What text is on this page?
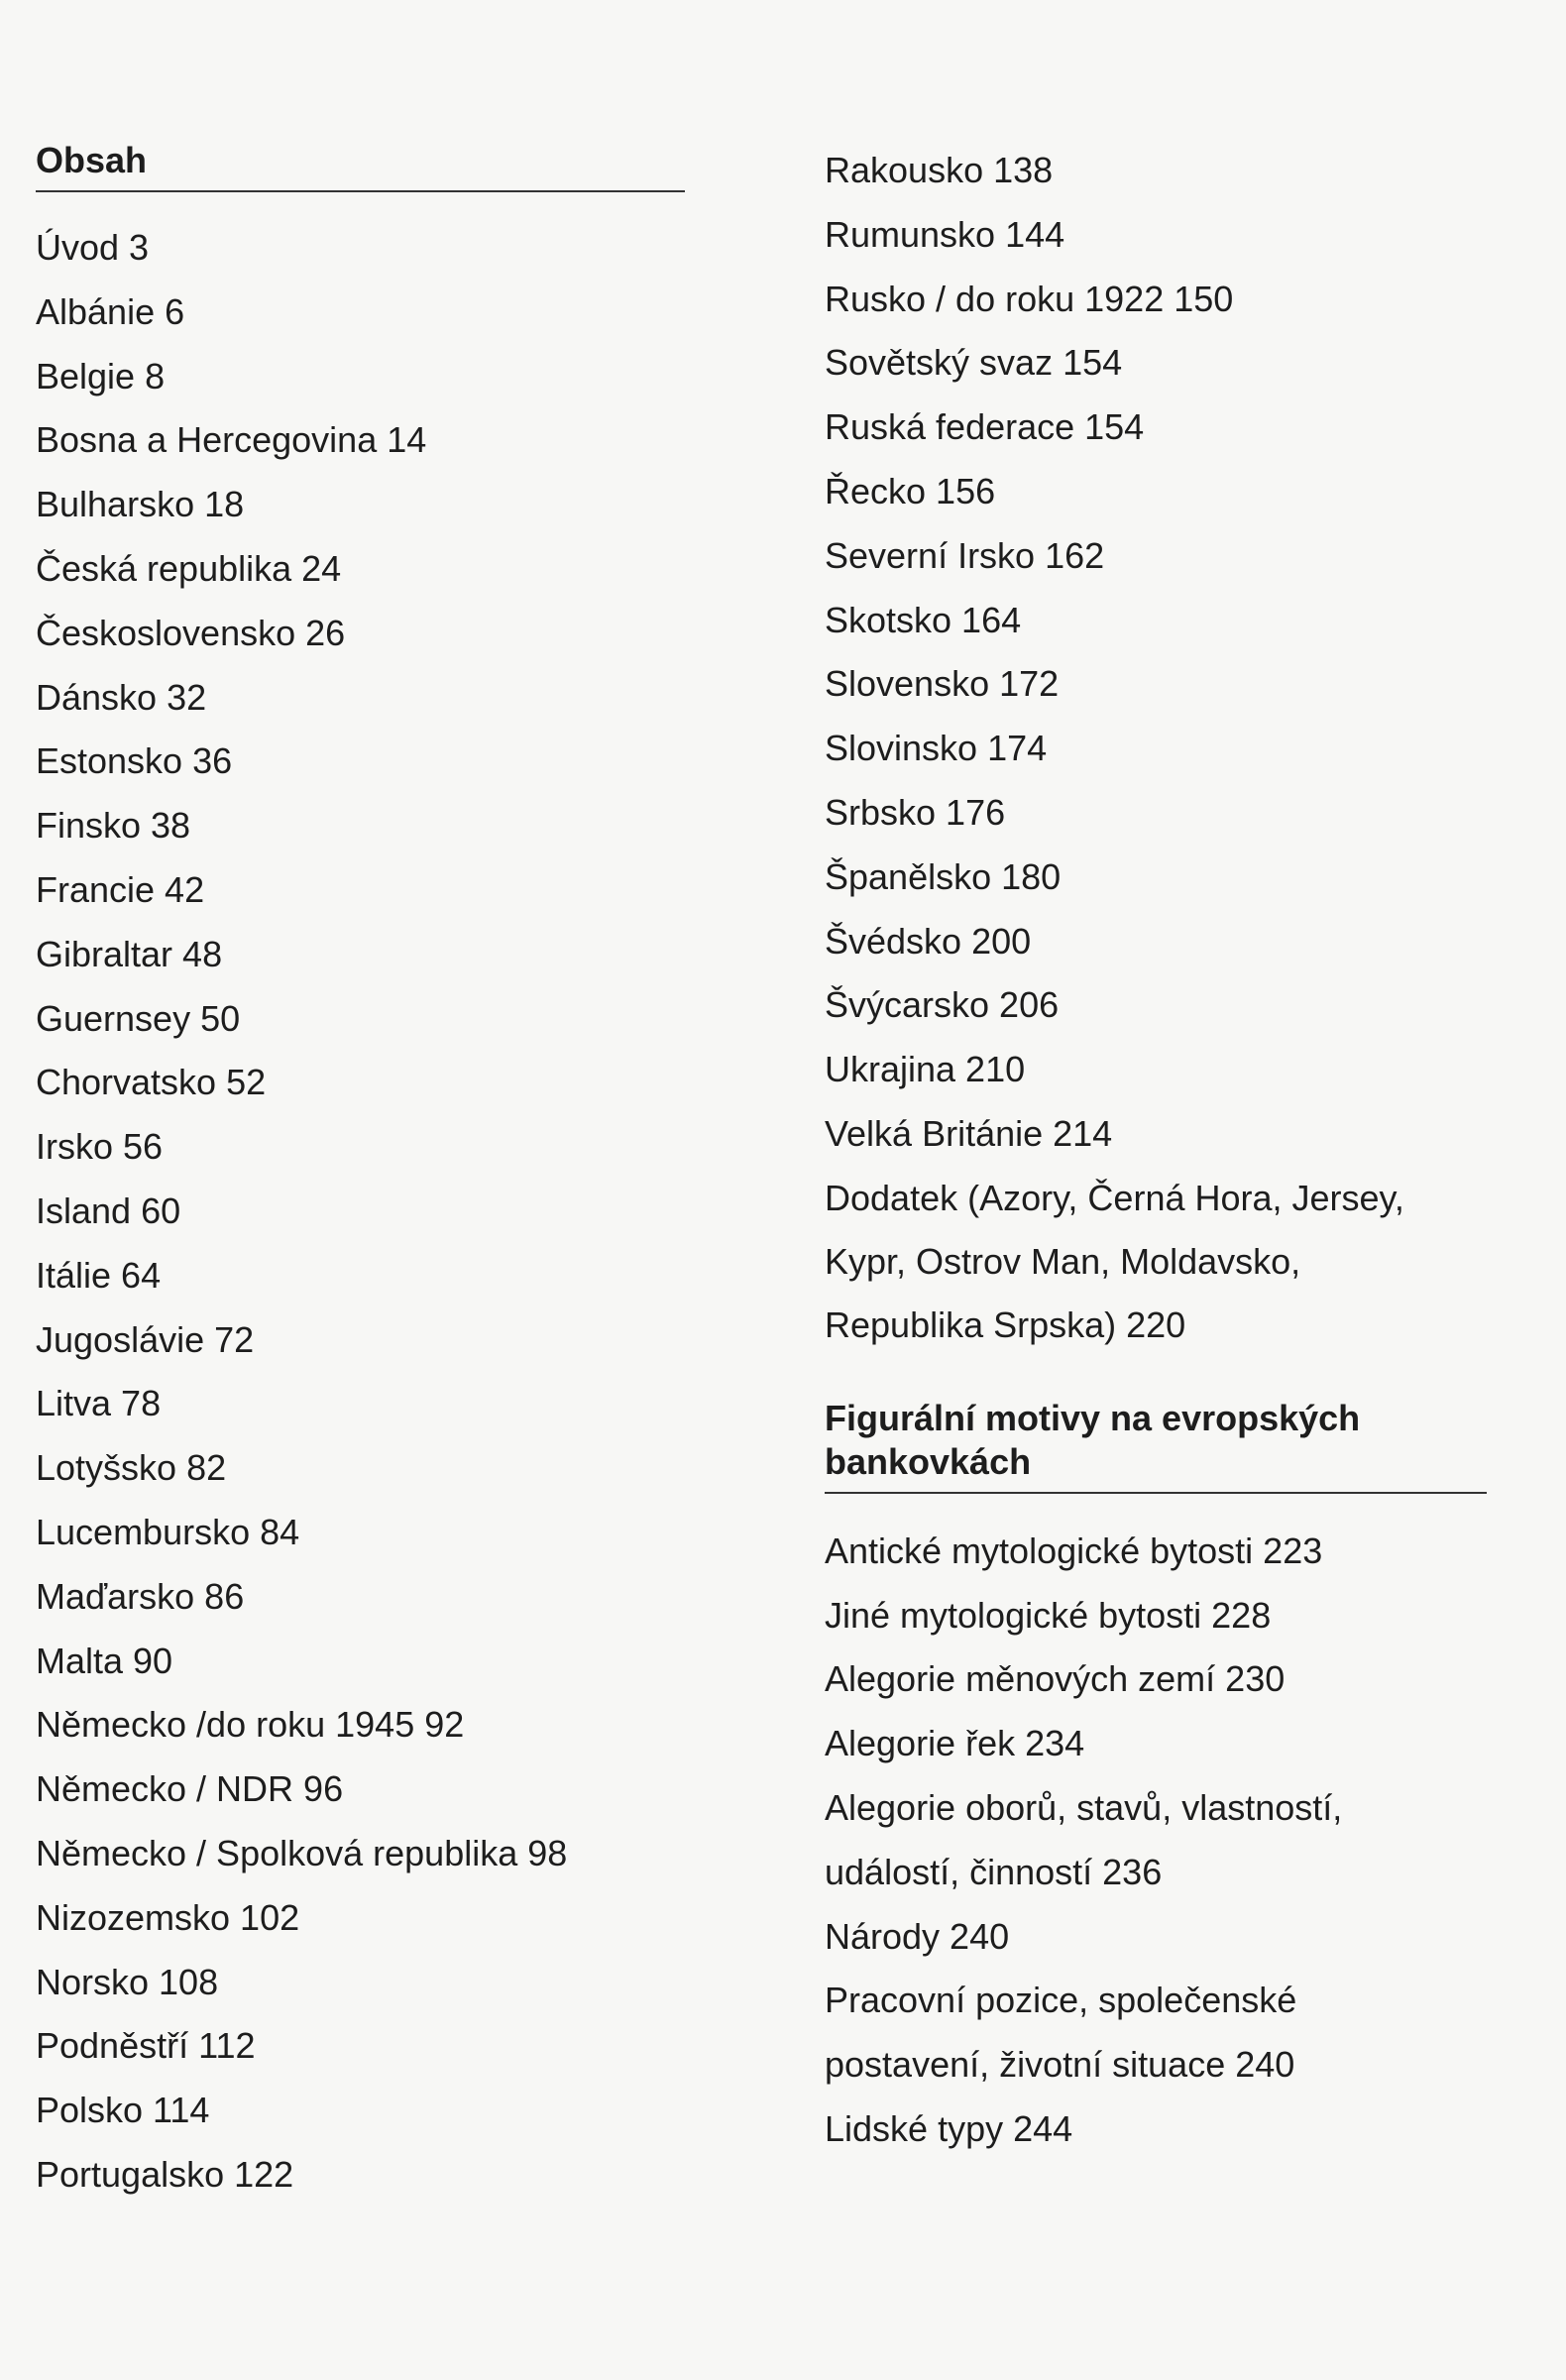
Obsah
Úvod 3
Albánie 6
Belgie 8
Bosna a Hercegovina 14
Bulharsko 18
Česká republika 24
Československo 26
Dánsko 32
Estonsko 36
Finsko 38
Francie 42
Gibraltar 48
Guernsey 50
Chorvatsko 52
Irsko 56
Island 60
Itálie 64
Jugoslávie 72
Litva 78
Lotyšsko 82
Lucembursko 84
Maďarsko 86
Malta 90
Německo /do roku 1945 92
Německo / NDR 96
Německo / Spolková republika 98
Nizozemsko 102
Norsko 108
Podněstří 112
Polsko 114
Portugalsko 122
Rakousko 138
Rumunsko 144
Rusko / do roku 1922 150
Sovětský svaz 154
Ruská federace 154
Řecko 156
Severní Irsko 162
Skotsko 164
Slovensko 172
Slovinsko 174
Srbsko 176
Španělsko 180
Švédsko 200
Švýcarsko 206
Ukrajina 210
Velká Británie 214

Dodatek (Azory, Černá Hora, Jersey,
Kypr, Ostrov Man, Moldavsko,
Republika Srpska) 220

Figurální motivy na evropských
bankovkách
Antické mytologické bytosti 223
Jiné mytologické bytosti 228
Alegorie měnových zemí 230
Alegorie řek 234
Alegorie oborů, stavů, vlastností,
událostí, činností 236
Národy 240
Pracovní pozice, společenské
postavení, životní situace 240
Lidské typy 244
